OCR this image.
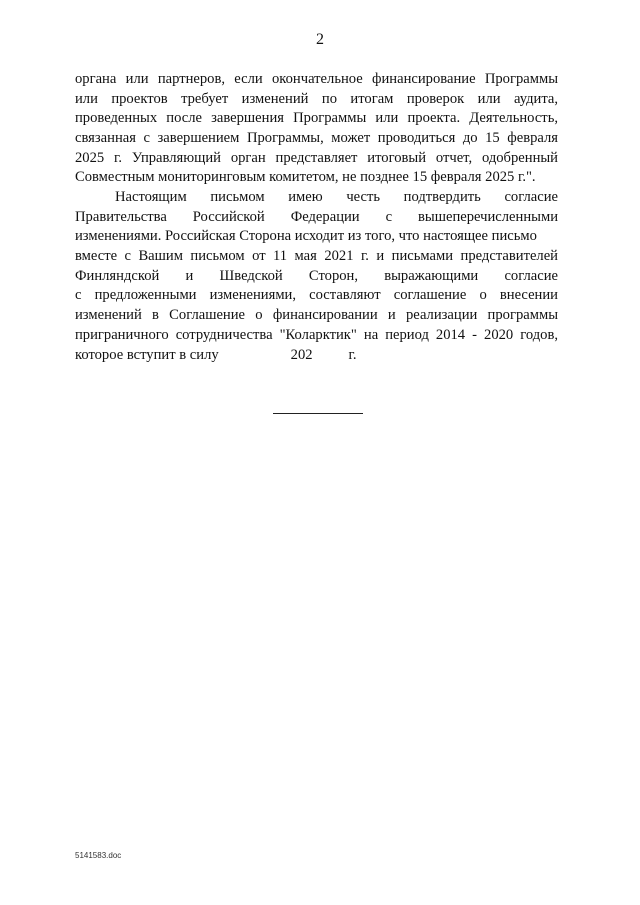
2
органа или партнеров, если окончательное финансирование Программы
или проектов требует изменений по итогам проверок или аудита,
проведенных после завершения Программы или проекта. Деятельность,
связанная с завершением Программы, может проводиться до 15 февраля
2025 г. Управляющий орган представляет итоговый отчет, одобренный
Совместным мониторинговым комитетом, не позднее 15 февраля 2025 г.".
Настоящим письмом имею честь подтвердить согласие
Правительства Российской Федерации с вышеперечисленными
изменениями. Российская Сторона исходит из того, что настоящее письмо
вместе с Вашим письмом от 11 мая 2021 г. и письмами представителей
Финляндской и Шведской Сторон, выражающими согласие
с предложенными изменениями, составляют соглашение о внесении
изменений в Соглашение о финансировании и реализации программы
приграничного сотрудничества "Коларктик" на период 2014 - 2020 годов,
которое вступит в силу	202 г.
5141583.doc
